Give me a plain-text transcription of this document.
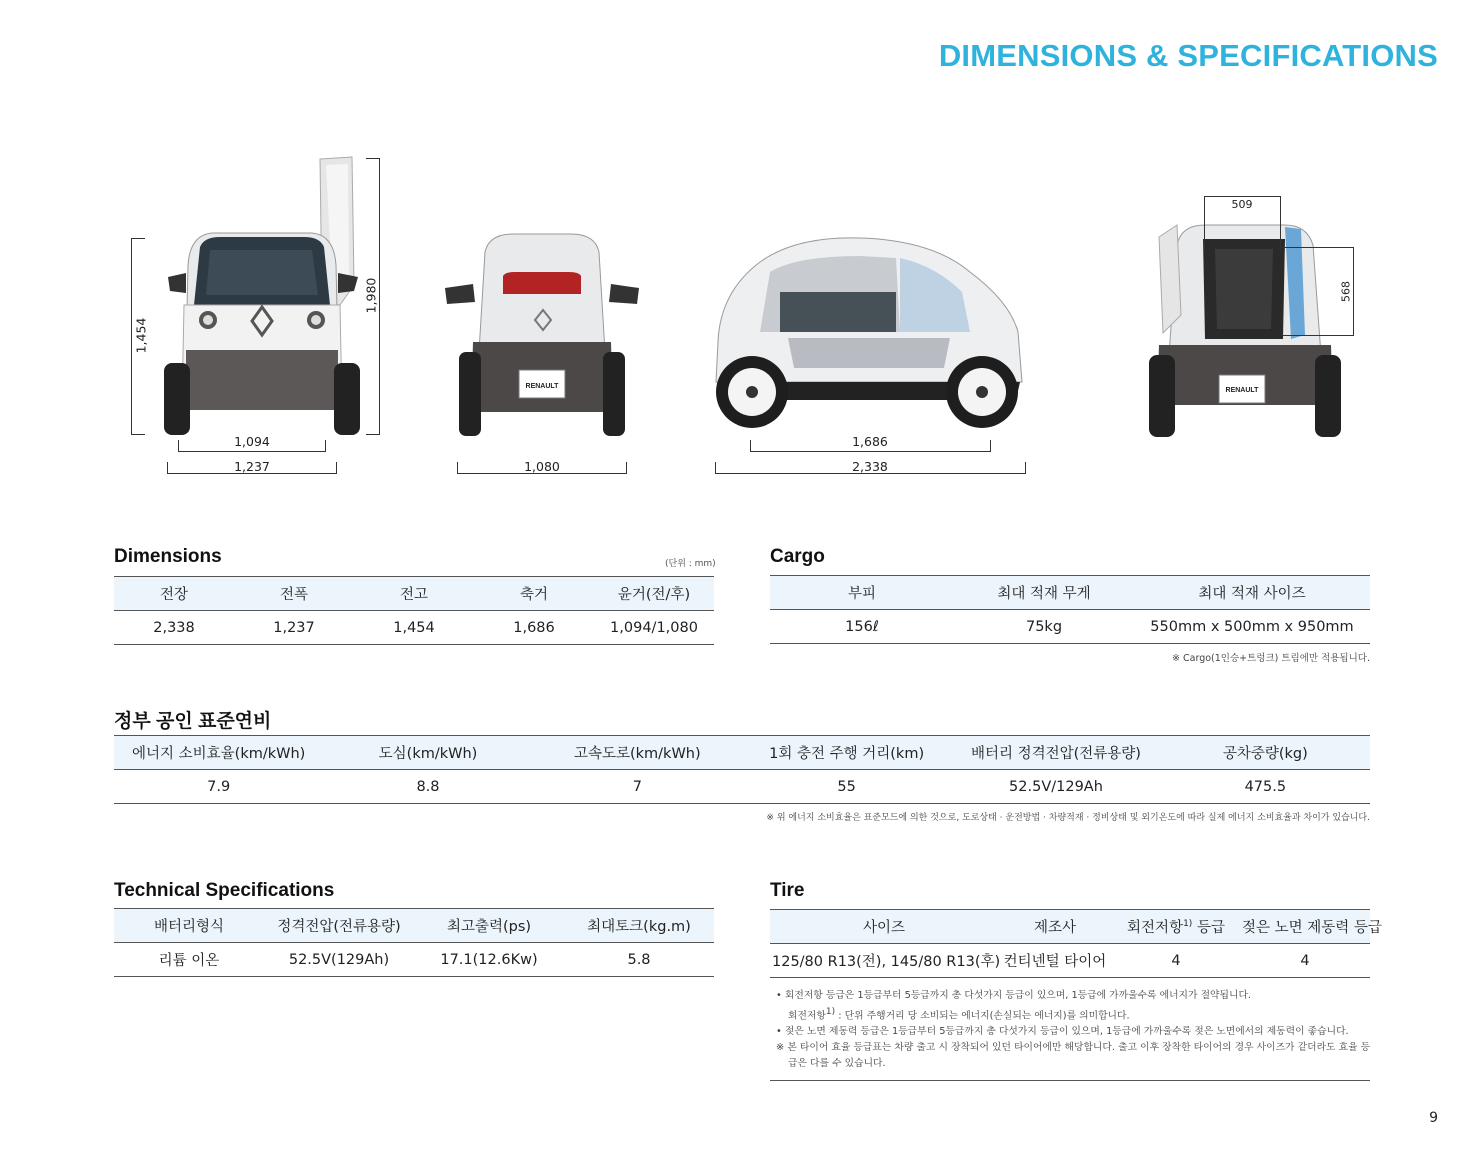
DIMENSIONS & SPECIFICATIONS
1,454
1,980
1,094
1,237
RENAULT
1,080
1,686
2,338
RENAULT
509
568
Dimensions	(단위 : mm)
전장	전폭	전고	축거	윤거(전/후)
2,338	1,237	1,454	1,686	1,094/1,080
Cargo
부피	최대 적재 무게	최대 적재 사이즈
156ℓ	75kg	550mm x 500mm x 950mm
※ Cargo(1인승+트렁크) 트림에만 적용됩니다.
정부 공인 표준연비
에너지 소비효율(km/kWh)	도심(km/kWh)	고속도로(km/kWh)	1회 충전 주행 거리(km)	배터리 정격전압(전류용량)	공차중량(kg)
7.9	8.8	7	55	52.5V/129Ah	475.5
※ 위 에너지 소비효율은 표준모드에 의한 것으로, 도로상태 · 운전방법 · 차량적재 · 정비상태 및 외기온도에 따라 실제 에너지 소비효율과 차이가 있습니다.
Technical Specifications
배터리형식	정격전압(전류용량)	최고출력(ps)	최대토크(kg.m)
리튬 이온	52.5V(129Ah)	17.1(12.6Kw)	5.8
Tire
사이즈	제조사	회전저항$^{1)}$ 등급	젖은 노면 제동력 등급
125/80 R13(전), 145/80 R13(후)	컨티넨털 타이어	4	4
• 회전저항 등급은 1등급부터 5등급까지 총 다섯가지 등급이 있으며, 1등급에 가까울수록 에너지가 절약됩니다.
회전저항$^{1)}$ : 단위 주행거리 당 소비되는 에너지(손실되는 에너지)를 의미합니다.
• 젖은 노면 제동력 등급은 1등급부터 5등급까지 총 다섯가지 등급이 있으며, 1등급에 가까울수록 젖은 노면에서의 제동력이 좋습니다.
※ 본 타이어 효율 등급표는 차량 출고 시 장착되어 있던 타이어에만 해당합니다. 출고 이후 장착한 타이어의 경우 사이즈가 같더라도 효율 등
급은 다를 수 있습니다.
9
